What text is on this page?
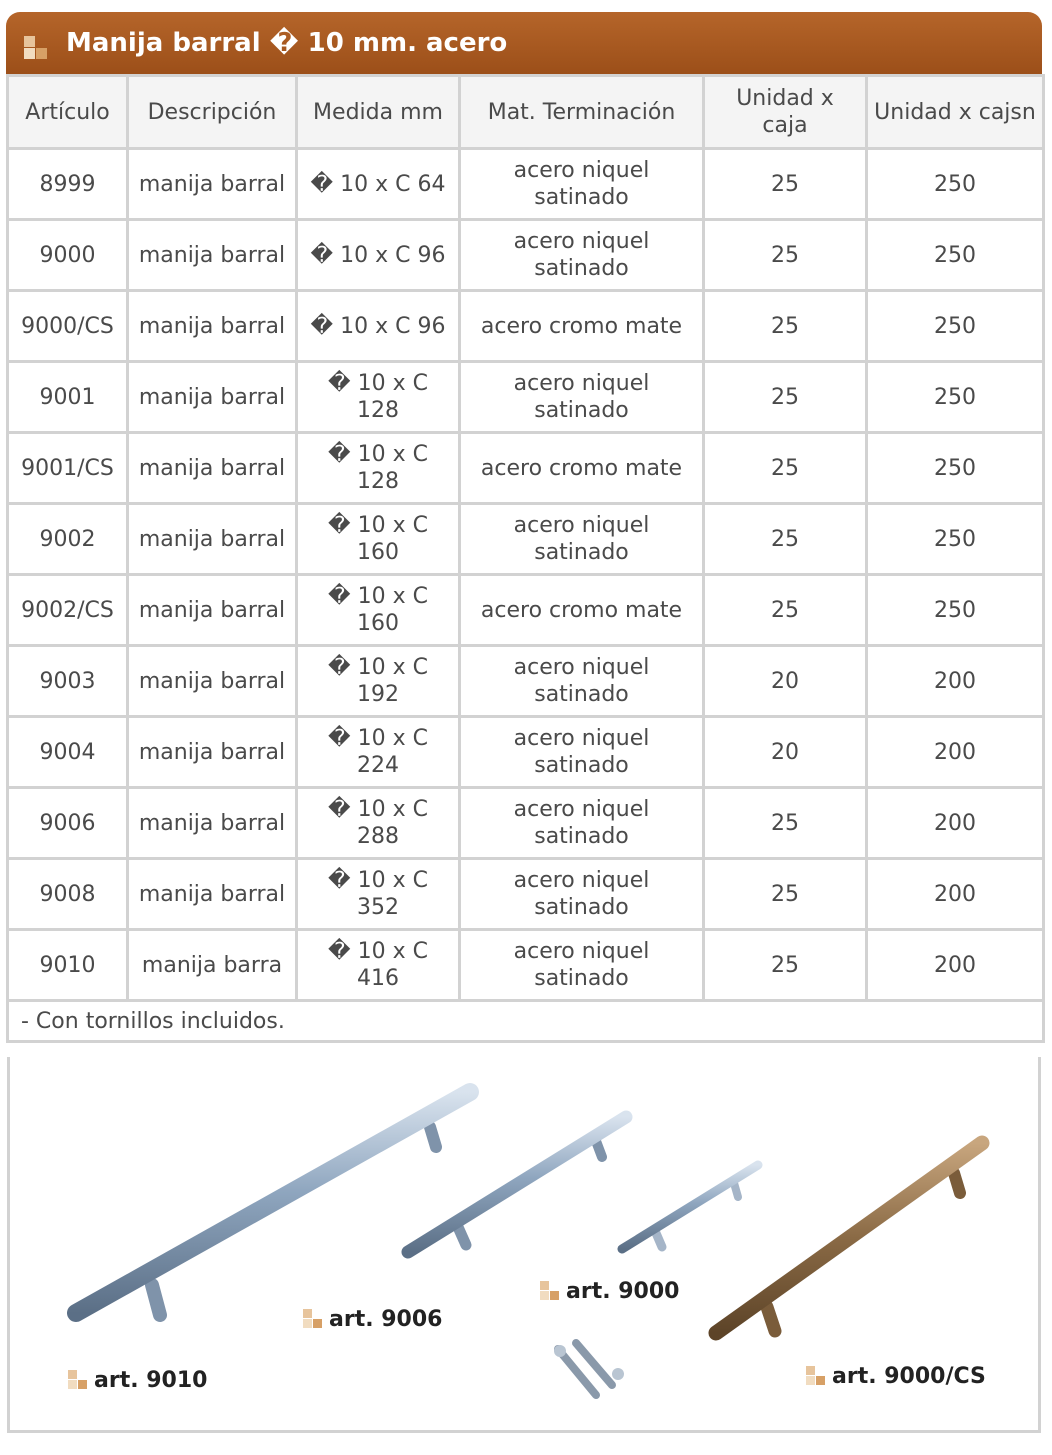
Manija barral � 10 mm. acero
Artículo	Descripción	Medida mm	Mat. Terminación	Unidad x caja	Unidad x cajsn
8999	manija barral	� 10 x C 64	acero niquel satinado	25	250
9000	manija barral	� 10 x C 96	acero niquel satinado	25	250
9000/CS	manija barral	� 10 x C 96	acero cromo mate	25	250
9001	manija barral	� 10 x C 128	acero niquel satinado	25	250
9001/CS	manija barral	� 10 x C 128	acero cromo mate	25	250
9002	manija barral	� 10 x C 160	acero niquel satinado	25	250
9002/CS	manija barral	� 10 x C 160	acero cromo mate	25	250
9003	manija barral	� 10 x C 192	acero niquel satinado	20	200
9004	manija barral	� 10 x C 224	acero niquel satinado	20	200
9006	manija barral	� 10 x C 288	acero niquel satinado	25	200
9008	manija barral	� 10 x C 352	acero niquel satinado	25	200
9010	manija barra	� 10 x C 416	acero niquel satinado	25	200
- Con tornillos incluidos.					
art. 9010
art. 9006
art. 9000
art. 9000/CS
